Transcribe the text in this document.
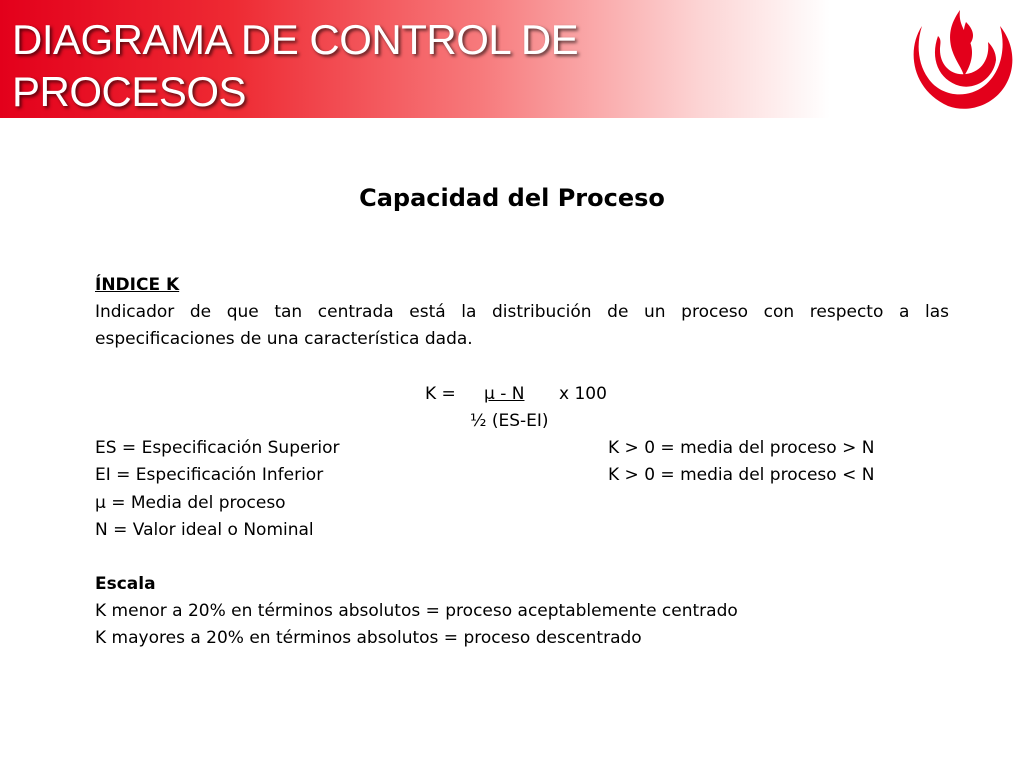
DIAGRAMA DE CONTROL DE
PROCESOS
Capacidad del Proceso
ÍNDICE K
Indicador de que tan centrada está la distribución de un proceso con respecto a las especificaciones de una característica dada.
K = µ - N x 100
½ (ES-EI)
ES = Especificación Superior	K > 0 = media del proceso > N
EI = Especificación Inferior	K > 0 = media del proceso < N
µ = Media del proceso
N = Valor ideal o Nominal
Escala
K menor a 20% en términos absolutos = proceso aceptablemente centrado
K mayores a 20% en términos absolutos = proceso descentrado
